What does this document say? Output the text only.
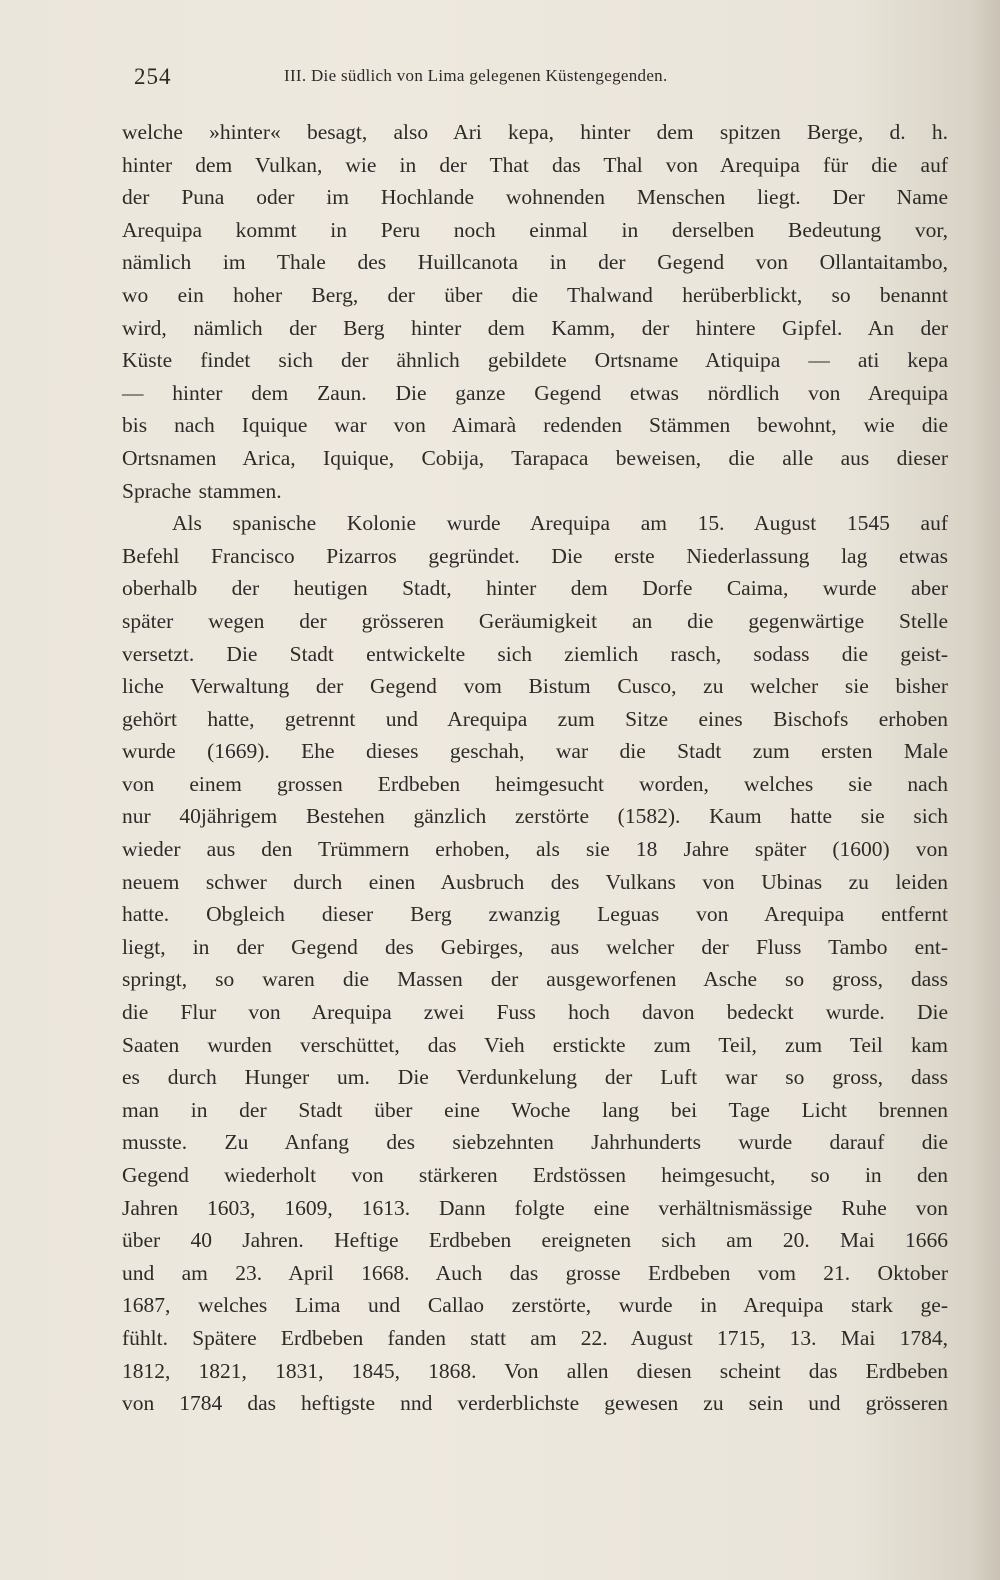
254	III. Die südlich von Lima gelegenen Küstengegenden.
welche »hinter« besagt, also Ari kepa, hinter dem spitzen Berge, d. h.
hinter dem Vulkan, wie in der That das Thal von Arequipa für die auf
der Puna oder im Hochlande wohnenden Menschen liegt. Der Name
Arequipa kommt in Peru noch einmal in derselben Bedeutung vor,
nämlich im Thale des Huillcanota in der Gegend von Ollantaitambo,
wo ein hoher Berg, der über die Thalwand herüberblickt, so benannt
wird, nämlich der Berg hinter dem Kamm, der hintere Gipfel. An der
Küste findet sich der ähnlich gebildete Ortsname Atiquipa — ati kepa
— hinter dem Zaun. Die ganze Gegend etwas nördlich von Arequipa
bis nach Iquique war von Aimarà redenden Stämmen bewohnt, wie die
Ortsnamen Arica, Iquique, Cobija, Tarapaca beweisen, die alle aus dieser
Sprache stammen.
Als spanische Kolonie wurde Arequipa am 15. August 1545 auf
Befehl Francisco Pizarros gegründet. Die erste Niederlassung lag etwas
oberhalb der heutigen Stadt, hinter dem Dorfe Caima, wurde aber
später wegen der grösseren Geräumigkeit an die gegenwärtige Stelle
versetzt. Die Stadt entwickelte sich ziemlich rasch, sodass die geist-
liche Verwaltung der Gegend vom Bistum Cusco, zu welcher sie bisher
gehört hatte, getrennt und Arequipa zum Sitze eines Bischofs erhoben
wurde (1669). Ehe dieses geschah, war die Stadt zum ersten Male
von einem grossen Erdbeben heimgesucht worden, welches sie nach
nur 40jährigem Bestehen gänzlich zerstörte (1582). Kaum hatte sie sich
wieder aus den Trümmern erhoben, als sie 18 Jahre später (1600) von
neuem schwer durch einen Ausbruch des Vulkans von Ubinas zu leiden
hatte. Obgleich dieser Berg zwanzig Leguas von Arequipa entfernt
liegt, in der Gegend des Gebirges, aus welcher der Fluss Tambo ent-
springt, so waren die Massen der ausgeworfenen Asche so gross, dass
die Flur von Arequipa zwei Fuss hoch davon bedeckt wurde. Die
Saaten wurden verschüttet, das Vieh erstickte zum Teil, zum Teil kam
es durch Hunger um. Die Verdunkelung der Luft war so gross, dass
man in der Stadt über eine Woche lang bei Tage Licht brennen
musste. Zu Anfang des siebzehnten Jahrhunderts wurde darauf die
Gegend wiederholt von stärkeren Erdstössen heimgesucht, so in den
Jahren 1603, 1609, 1613. Dann folgte eine verhältnismässige Ruhe von
über 40 Jahren. Heftige Erdbeben ereigneten sich am 20. Mai 1666
und am 23. April 1668. Auch das grosse Erdbeben vom 21. Oktober
1687, welches Lima und Callao zerstörte, wurde in Arequipa stark ge-
fühlt. Spätere Erdbeben fanden statt am 22. August 1715, 13. Mai 1784,
1812, 1821, 1831, 1845, 1868. Von allen diesen scheint das Erdbeben
von 1784 das heftigste nnd verderblichste gewesen zu sein und grösseren
